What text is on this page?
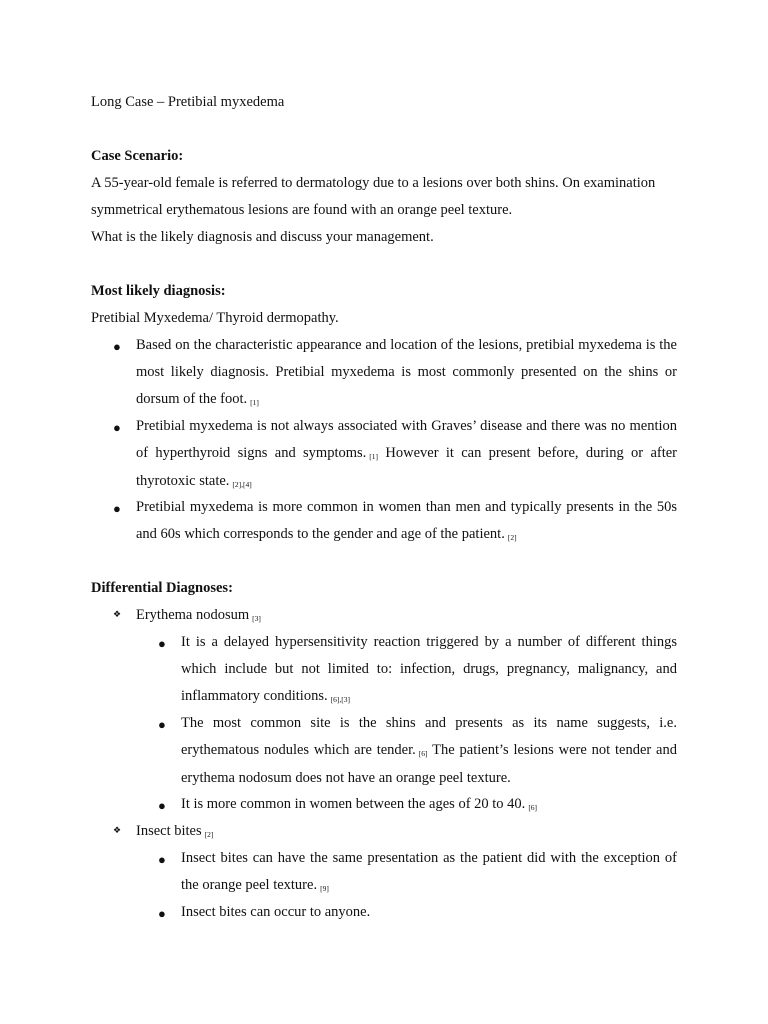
Long Case – Pretibial myxedema

Case Scenario:

A 55-year-old female is referred to dermatology due to a lesions over both shins. On examination

symmetrical erythematous lesions are found with an orange peel texture.

What is the likely diagnosis and discuss your management.

Most likely diagnosis:

Pretibial Myxedema/ Thyroid dermopathy.

● Based on the characteristic appearance and location of the lesions, pretibial myxedema is the most likely diagnosis. Pretibial myxedema is most commonly presented on the shins or dorsum of the foot. [1]

● Pretibial myxedema is not always associated with Graves’ disease and there was no mention of hyperthyroid signs and symptoms. [1] However it can present before, during or after thyrotoxic state. [2],[4]

● Pretibial myxedema is more common in women than men and typically presents in the 50s and 60s which corresponds to the gender and age of the patient. [2]

Differential Diagnoses:

❖ Erythema nodosum [3]

● It is a delayed hypersensitivity reaction triggered by a number of different things which include but not limited to: infection, drugs, pregnancy, malignancy, and inflammatory conditions. [6],[3]

● The most common site is the shins and presents as its name suggests, i.e. erythematous nodules which are tender. [6] The patient’s lesions were not tender and erythema nodosum does not have an orange peel texture.

● It is more common in women between the ages of 20 to 40. [6]

❖ Insect bites [2]

● Insect bites can have the same presentation as the patient did with the exception of the orange peel texture. [9]

● Insect bites can occur to anyone.
